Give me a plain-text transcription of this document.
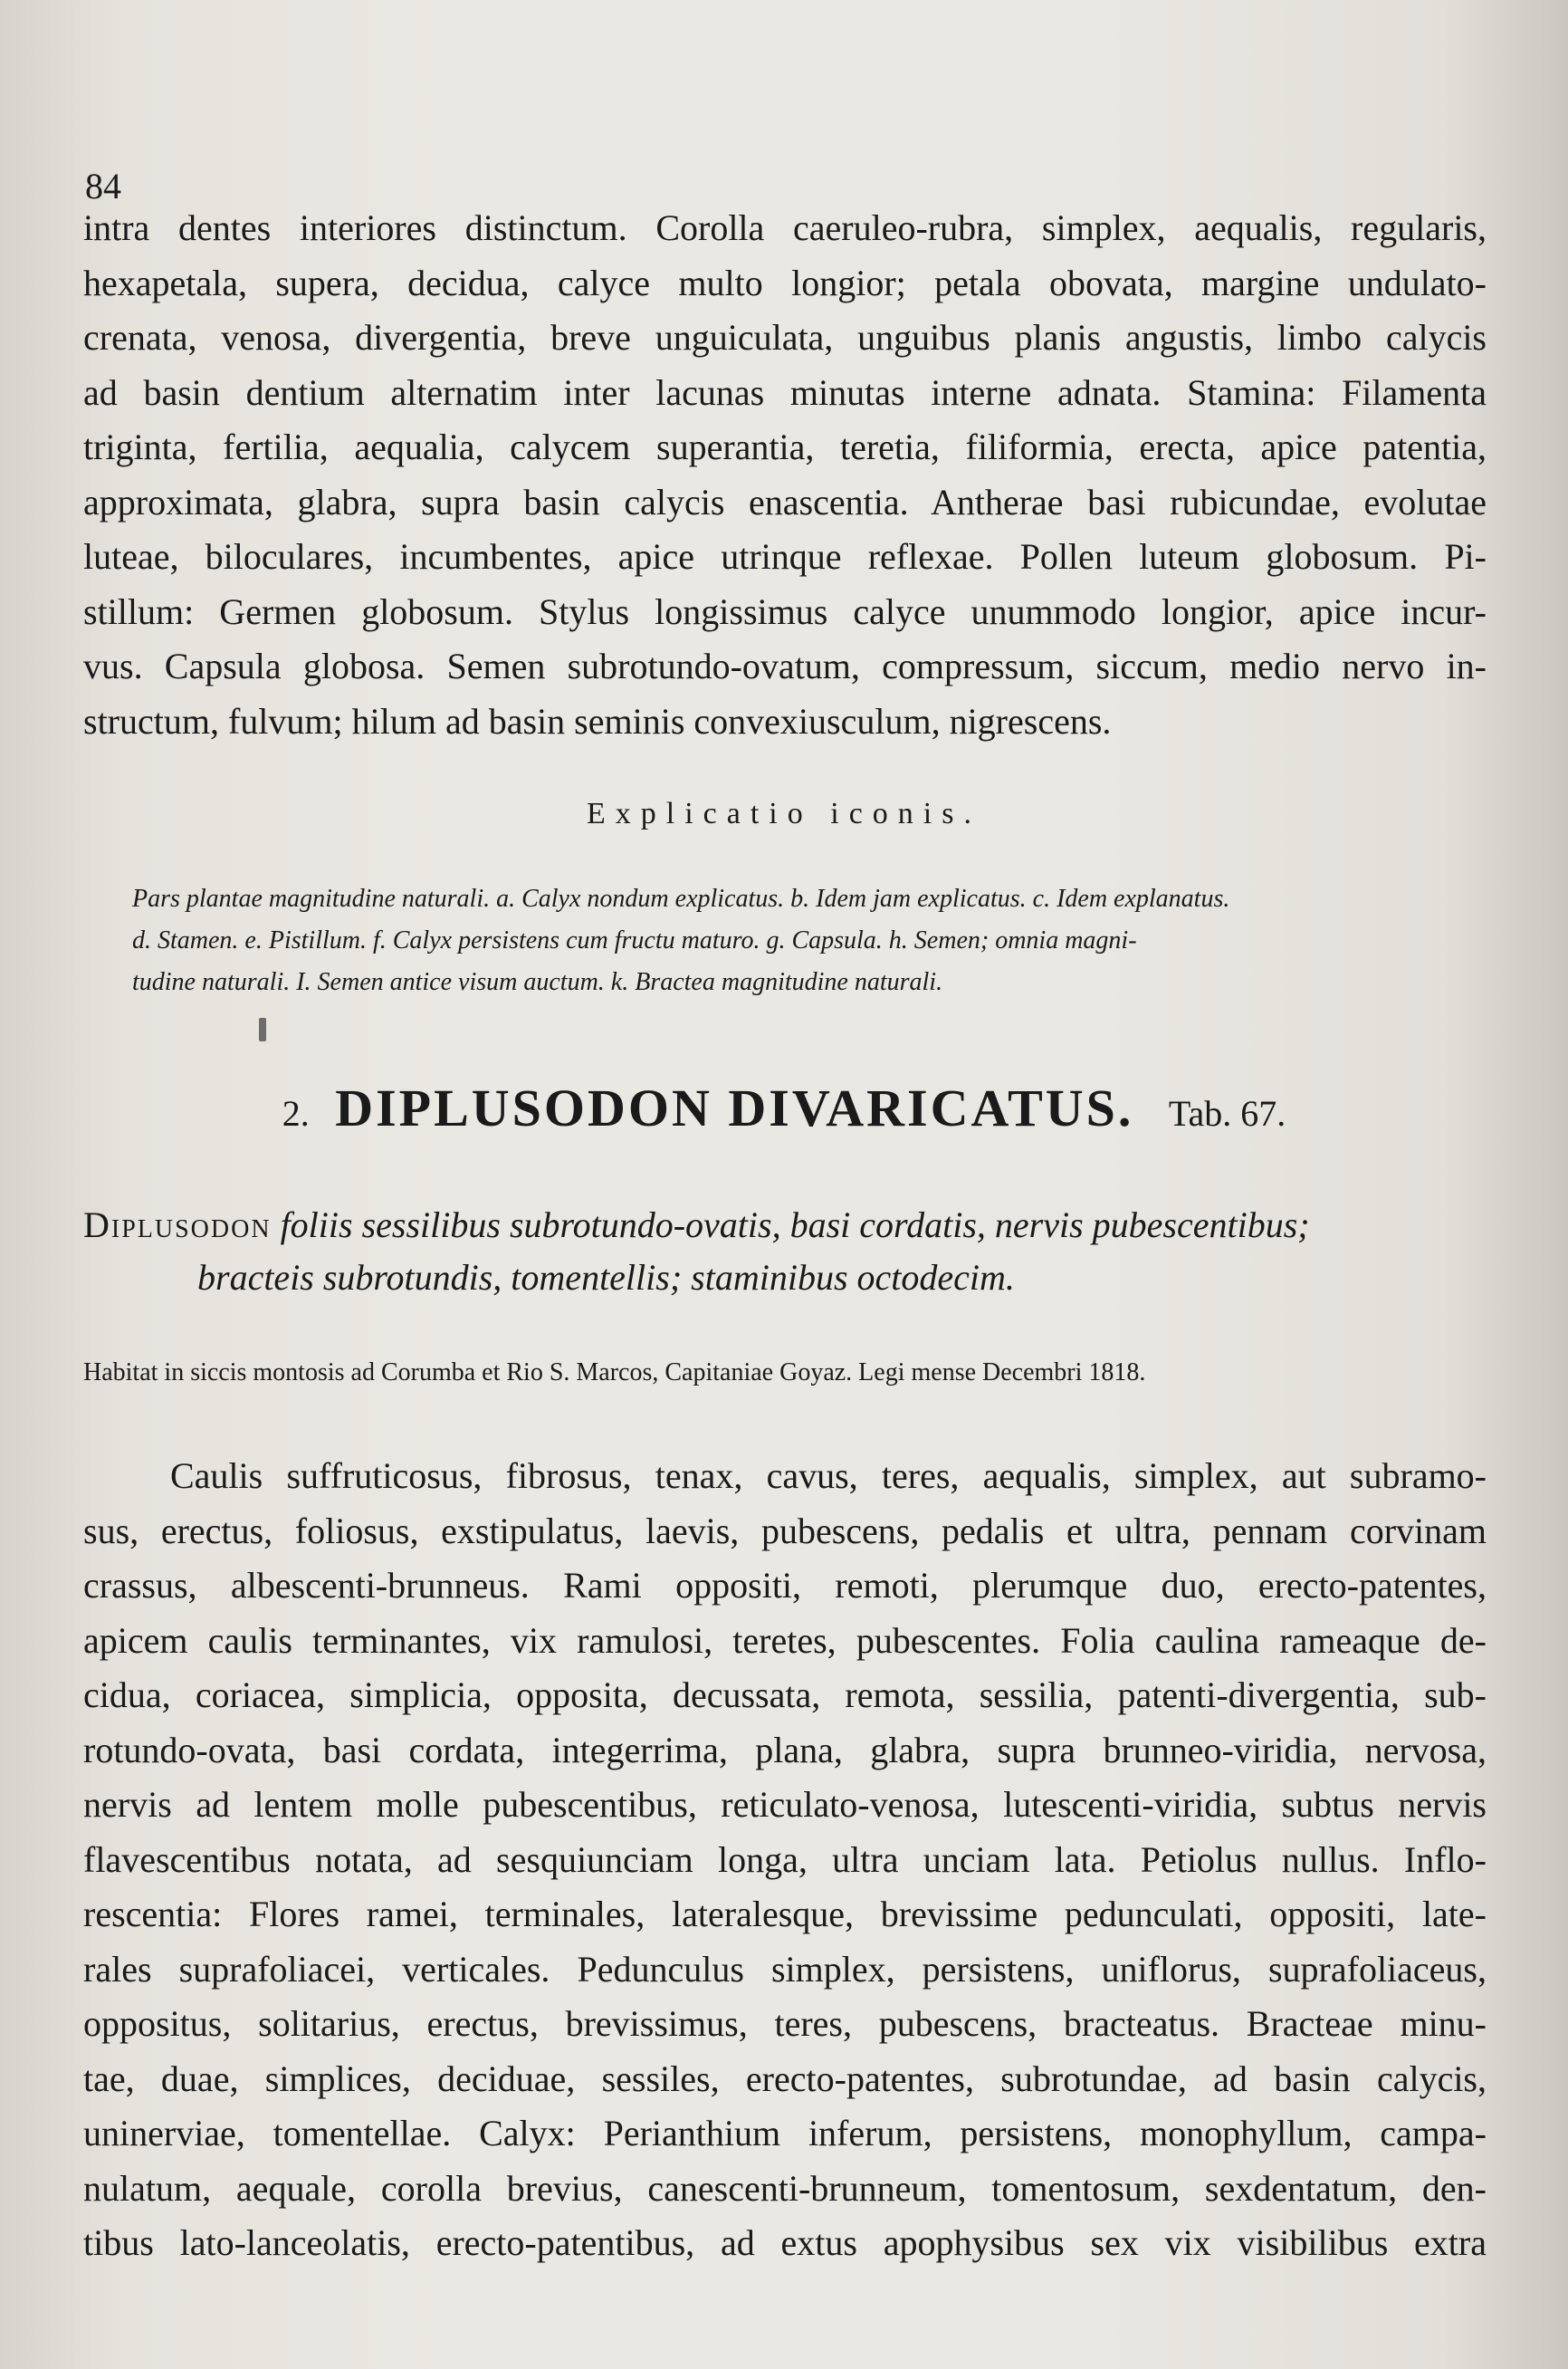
84
intra dentes interiores distinctum. Corolla caeruleo-rubra, simplex, aequalis, regularis,
hexapetala, supera, decidua, calyce multo longior; petala obovata, margine undulato-
crenata, venosa, divergentia, breve unguiculata, unguibus planis angustis, limbo calycis
ad basin dentium alternatim inter lacunas minutas interne adnata. Stamina: Filamenta
triginta, fertilia, aequalia, calycem superantia, teretia, filiformia, erecta, apice patentia,
approximata, glabra, supra basin calycis enascentia. Antherae basi rubicundae, evolutae
luteae, biloculares, incumbentes, apice utrinque reflexae. Pollen luteum globosum. Pi-
stillum: Germen globosum. Stylus longissimus calyce unummodo longior, apice incur-
vus. Capsula globosa. Semen subrotundo-ovatum, compressum, siccum, medio nervo in-
structum, fulvum; hilum ad basin seminis convexiusculum, nigrescens.
Explicatio iconis.
Pars plantae magnitudine naturali. a. Calyx nondum explicatus. b. Idem jam explicatus. c. Idem explanatus.
d. Stamen. e. Pistillum. f. Calyx persistens cum fructu maturo. g. Capsula. h. Semen; omnia magni-
tudine naturali. I. Semen antice visum auctum. k. Bractea magnitudine naturali.
2. DIPLUSODON DIVARICATUS. Tab. 67.
Diplusodon foliis sessilibus subrotundo-ovatis, basi cordatis, nervis pubescentibus;
bracteis subrotundis, tomentellis; staminibus octodecim.
Habitat in siccis montosis ad Corumba et Rio S. Marcos, Capitaniae Goyaz. Legi mense Decembri 1818.
Caulis suffruticosus, fibrosus, tenax, cavus, teres, aequalis, simplex, aut subramo-
sus, erectus, foliosus, exstipulatus, laevis, pubescens, pedalis et ultra, pennam corvinam
crassus, albescenti-brunneus. Rami oppositi, remoti, plerumque duo, erecto-patentes,
apicem caulis terminantes, vix ramulosi, teretes, pubescentes. Folia caulina rameaque de-
cidua, coriacea, simplicia, opposita, decussata, remota, sessilia, patenti-divergentia, sub-
rotundo-ovata, basi cordata, integerrima, plana, glabra, supra brunneo-viridia, nervosa,
nervis ad lentem molle pubescentibus, reticulato-venosa, lutescenti-viridia, subtus nervis
flavescentibus notata, ad sesquiunciam longa, ultra unciam lata. Petiolus nullus. Inflo-
rescentia: Flores ramei, terminales, lateralesque, brevissime pedunculati, oppositi, late-
rales suprafoliacei, verticales. Pedunculus simplex, persistens, uniflorus, suprafoliaceus,
oppositus, solitarius, erectus, brevissimus, teres, pubescens, bracteatus. Bracteae minu-
tae, duae, simplices, deciduae, sessiles, erecto-patentes, subrotundae, ad basin calycis,
uninerviae, tomentellae. Calyx: Perianthium inferum, persistens, monophyllum, campa-
nulatum, aequale, corolla brevius, canescenti-brunneum, tomentosum, sexdentatum, den-
tibus lato-lanceolatis, erecto-patentibus, ad extus apophysibus sex vix visibilibus extra
